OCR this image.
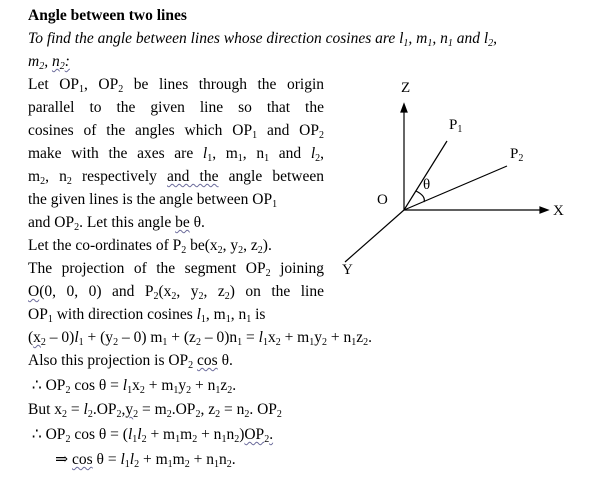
Angle between two lines
To find the angle between lines whose direction cosines are $l_1$, $m_1$, $n_1$ and $l_2$,
$m_2$, $n_2$:
Let $OP_1$, $OP_2$ be lines through the origin
parallel to the given line so that the
cosines of the angles which $OP_1$ and $OP_2$
make with the axes are $l_1$, $m_1$, $n_1$ and $l_2$,
$m_2$, $n_2$ respectively and the angle between
the given lines is the angle between $OP_1$
and $OP_2$. Let this angle be θ.
Let the co-ordinates of $P_2$ $be(x_2$, $y_2$, $z_2$).
The projection of the segment $OP_2$ joining
O(0, 0, 0) and $P_2(x_2$, $y_2$, $z_2$) on the line
$OP_1$ with direction cosines $l_1$, $m_1$, $n_1$ is
$(x_2 - 0)l_1 + (y_2 - 0) m_1 + (z_2 - 0)n_1 = l_1x_2 + m_1y_2 + n_1z_2$.
Also this projection is $OP_2$ cos θ.
∴ $OP_2$ $\cos \theta = l_1x_2 + m_1y_2 + n_1z_2$.
But $x_2 = l_2.OP_2,y_2 = m_2.OP_2$, $z_2 = n_2$. $OP_2$
∴ $OP_2$ $\cos \theta = (l_1l_2 + m_1m_2 + n_1n_2)OP_2$.
⇒ $\cos \theta = l_1l_2 + m_1m_2 + n_1n_2$.
Z
X
Y
O
θ
$P_1$
$P_2$
